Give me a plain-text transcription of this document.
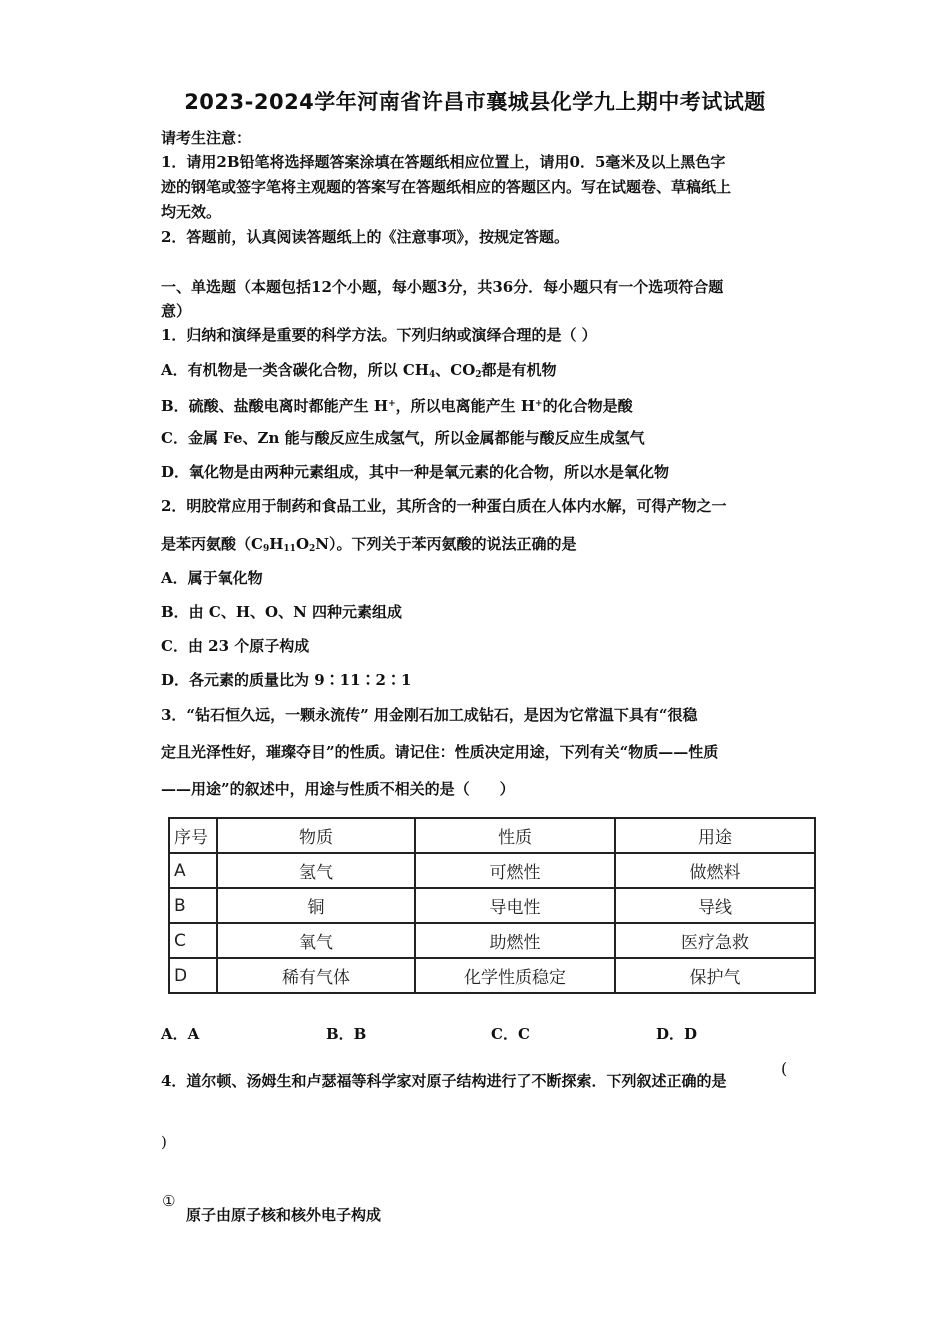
2023-2024学年河南省许昌市襄城县化学九上期中考试试题
请考生注意：
1．请用2B铅笔将选择题答案涂填在答题纸相应位置上，请用0．5毫米及以上黑色字
迹的钢笔或签字笔将主观题的答案写在答题纸相应的答题区内。写在试题卷、草稿纸上
均无效。
2．答题前，认真阅读答题纸上的《注意事项》，按规定答题。
一、单选题（本题包括12个小题，每小题3分，共36分．每小题只有一个选项符合题
意）
1．归纳和演绎是重要的科学方法。下列归纳或演绎合理的是（ ）
A．有机物是一类含碳化合物，所以 $CH_4$、$CO_2$都是有机物
B．硫酸、盐酸电离时都能产生 H+，所以电离能产生 H+的化合物是酸
C．金属 Fe、Zn 能与酸反应生成氢气，所以金属都能与酸反应生成氢气
D．氧化物是由两种元素组成，其中一种是氧元素的化合物，所以水是氧化物
2．明胶常应用于制药和食品工业，其所含的一种蛋白质在人体内水解，可得产物之一
是苯丙氨酸$(C_9H_{11}O_2N)$。下列关于苯丙氨酸的说法正确的是
A．属于氧化物
B．由 C、H、O、N 四种元素组成
C．由 23 个原子构成
D．各元素的质量比为 9∶11∶2∶1
3．“钻石恒久远，一颗永流传” 用金刚石加工成钻石，是因为它常温下具有“很稳
定且光泽性好，璀璨夺目”的性质。请记住：性质决定用途，下列有关“物质——性质
——用途”的叙述中，用途与性质不相关的是（　　）
序号	物质	性质	用途
A	氢气	可燃性	做燃料
B	铜	导电性	导线
C	氧气	助燃性	医疗急救
D	稀有气体	化学性质稳定	保护气
A．A	B．B	C．C	D．D
4．道尔顿、汤姆生和卢瑟福等科学家对原子结构进行了不断探索．下列叙述正确的是
(
)
①
原子由原子核和核外电子构成
